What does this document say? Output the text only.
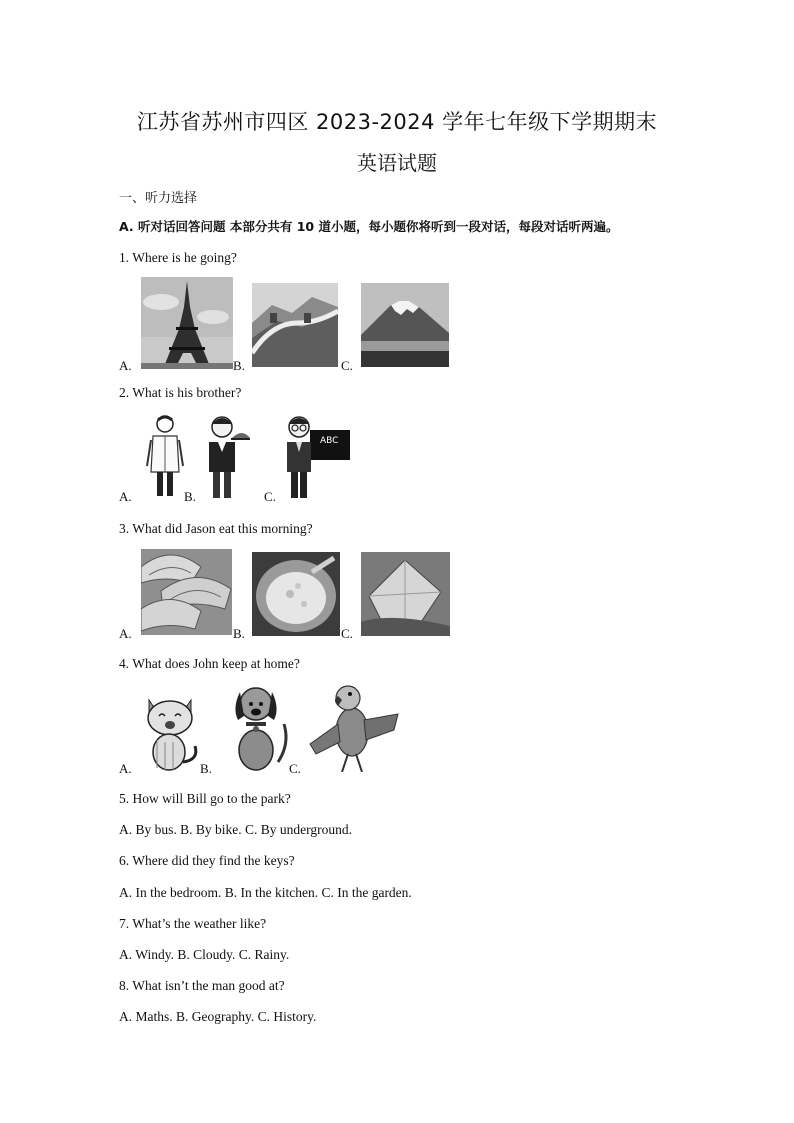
江苏省苏州市四区 2023-2024 学年七年级下学期期末
英语试题
一、听力选择
A. 听对话回答问题 本部分共有 10 道小题，每小题你将听到一段对话，每段对话听两遍。
1. Where is he going?
A.	B.	C.
2. What is his brother?
A.	B.
ABC
C.
3. What did Jason eat this morning?
A.	B.	C.
4. What does John keep at home?
A.	B.	C.
5. How will Bill go to the park?
A. By bus. B. By bike. C. By underground.
6. Where did they find the keys?
A. In the bedroom. B. In the kitchen. C. In the garden.
7. What’s the weather like?
A. Windy. B. Cloudy. C. Rainy.
8. What isn’t the man good at?
A. Maths. B. Geography. C. History.
